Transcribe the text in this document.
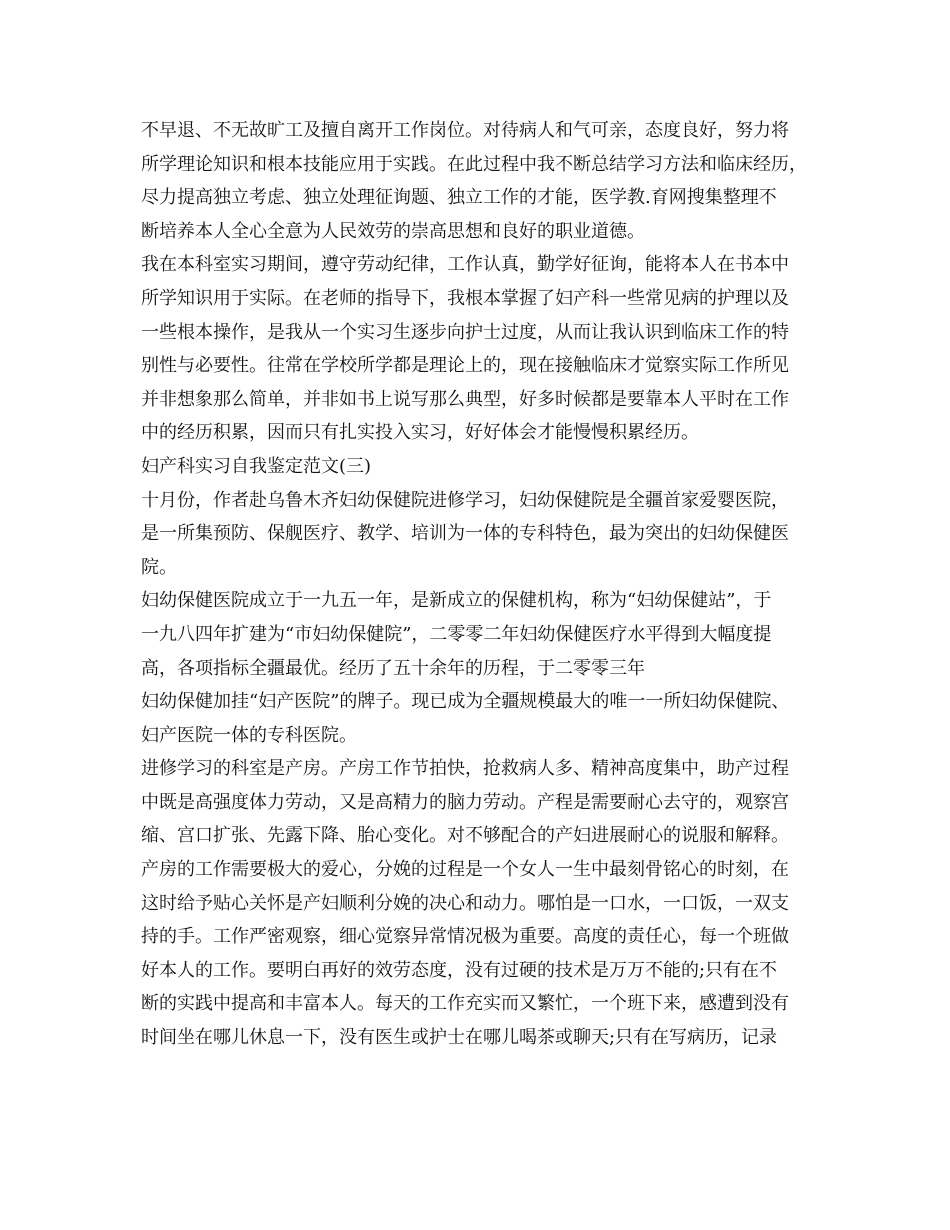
不早退、不无故旷工及擅自离开工作岗位。对待病人和气可亲，态度良好，努力将
所学理论知识和根本技能应用于实践。在此过程中我不断总结学习方法和临床经历，
尽力提高独立考虑、独立处理征询题、独立工作的才能，医学教.育网搜集整理不
断培养本人全心全意为人民效劳的崇高思想和良好的职业道德。
我在本科室实习期间，遵守劳动纪律，工作认真，勤学好征询，能将本人在书本中
所学知识用于实际。在老师的指导下，我根本掌握了妇产科一些常见病的护理以及
一些根本操作，是我从一个实习生逐步向护士过度，从而让我认识到临床工作的特
别性与必要性。往常在学校所学都是理论上的，现在接触临床才觉察实际工作所见
并非想象那么简单，并非如书上说写那么典型，好多时候都是要靠本人平时在工作
中的经历积累，因而只有扎实投入实习，好好体会才能慢慢积累经历。
妇产科实习自我鉴定范文(三)
十月份，作者赴乌鲁木齐妇幼保健院进修学习，妇幼保健院是全疆首家爱婴医院，
是一所集预防、保舰医疗、教学、培训为一体的专科特色，最为突出的妇幼保健医
院。
妇幼保健医院成立于一九五一年，是新成立的保健机构，称为“妇幼保健站”，于
一九八四年扩建为“市妇幼保健院”，二零零二年妇幼保健医疗水平得到大幅度提
高，各项指标全疆最优。经历了五十余年的历程，于二零零三年
妇幼保健加挂“妇产医院”的牌子。现已成为全疆规模最大的唯一一所妇幼保健院、
妇产医院一体的专科医院。
进修学习的科室是产房。产房工作节拍快，抢救病人多、精神高度集中，助产过程
中既是高强度体力劳动，又是高精力的脑力劳动。产程是需要耐心去守的，观察宫
缩、宫口扩张、先露下降、胎心变化。对不够配合的产妇进展耐心的说服和解释。
产房的工作需要极大的爱心，分娩的过程是一个女人一生中最刻骨铭心的时刻，在
这时给予贴心关怀是产妇顺利分娩的决心和动力。哪怕是一口水，一口饭，一双支
持的手。工作严密观察，细心觉察异常情况极为重要。高度的责任心，每一个班做
好本人的工作。要明白再好的效劳态度，没有过硬的技术是万万不能的;只有在不
断的实践中提高和丰富本人。每天的工作充实而又繁忙，一个班下来，感遭到没有
时间坐在哪儿休息一下，没有医生或护士在哪儿喝茶或聊天;只有在写病历，记录
